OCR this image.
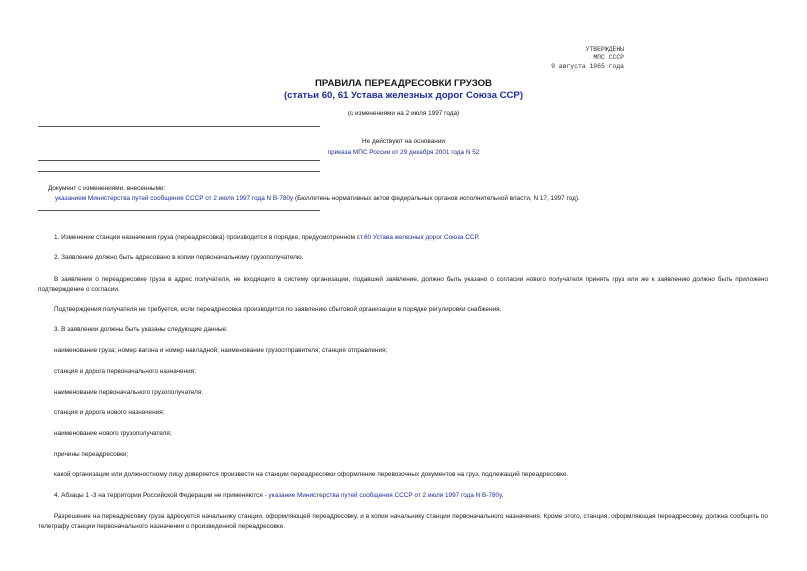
УТВЕРЖДЕНЫ
МПС СССР
9 августа 1965 года
ПРАВИЛА ПЕРЕАДРЕСОВКИ ГРУЗОВ
(статьи 60, 61 Устава железных дорог Союза ССР)
(с изменениями на 2 июля 1997 года)
Не действуют на основании
приказа МПС России от 29 декабря 2001 года N 52
Документ с изменениями, внесенными:
указанием Министерства путей сообщения СССР от 2 июля 1997 года N В-780у (Бюллетень нормативных актов федеральных органов исполнительной власти, N 17, 1997 год).

1. Изменение станции назначения груза (переадресовка) производится в порядке, предусмотренном ст.60 Устава железных дорог Союза ССР.

2. Заявление должно быть адресовано в копии первоначальному грузополучателю.

В заявлении о переадресовке груза в адрес получателя, не входящего в систему организации, подавшей заявление, должно быть указано о согласии нового получателя принять груз или же к заявлению должно быть приложено подтверждение о согласии.

Подтверждения получателя не требуется, если переадресовка производится по заявлению сбытовой организации в порядке регулировки снабжения.

3. В заявлении должны быть указаны следующие данные:

наименование груза; номер вагона и номер накладной; наименование грузоотправителя; станция отправления;

станция и дорога первоначального назначения;

наименование первоначального грузополучателя;

станция и дорога нового назначения;

наименование нового грузополучателя;

причины переадресовки;

какой организации или должностному лицу доверяется произвести на станции переадресовки оформление перевозочных документов на груз, подлежащий переадресовке.

4. Абзацы 1 -3 на территории Российской Федерации не применяются - указание Министерства путей сообщения СССР от 2 июля 1997 года N В-780у.

Разрешение на переадресовку груза адресуется начальнику станции, оформляющей переадресовку, и в копии начальнику станции первоначального назначения. Кроме этого, станция, оформляющая переадресовку, должна сообщить по телеграфу станции первоначального назначения о произведенной переадресовке.
